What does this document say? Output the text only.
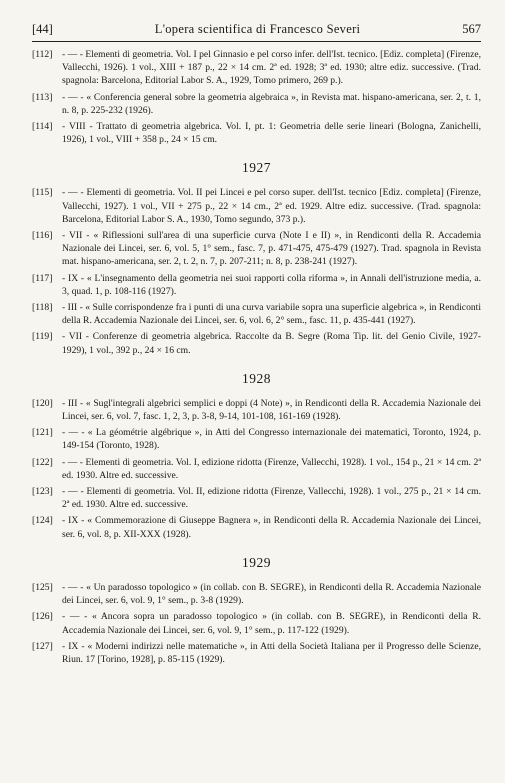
[44]	L'opera scientifica di Francesco Severi	567
[112] - — - Elementi di geometria. Vol. I pel Ginnasio e pel corso infer. dell'Ist. tecnico. [Ediz. completa] (Firenze, Vallecchi, 1926). 1 vol., XIII + 187 p., 22 × 14 cm. 2ª ed. 1928; 3ª ed. 1930; altre ediz. successive. (Trad. spagnola: Barcelona, Editorial Labor S. A., 1929, Tomo primero, 269 p.).
[113] - — - « Conferencia general sobre la geometria algebraica », in Revista mat. hispano-americana, ser. 2, t. 1, n. 8, p. 225-232 (1926).
[114] - VIII - Trattato di geometria algebrica. Vol. I, pt. 1: Geometria delle serie lineari (Bologna, Zanichelli, 1926), 1 vol., VIII + 358 p., 24 × 15 cm.
1927
[115] - — - Elementi di geometria. Vol. II pei Lincei e pel corso super. dell'Ist. tecnico [Ediz. completa] (Firenze, Vallecchi, 1927). 1 vol., VII + 275 p., 22 × 14 cm., 2ª ed. 1929. Altre ediz. successive. (Trad. spagnola: Barcelona, Editorial Labor S. A., 1930, Tomo segundo, 373 p.).
[116] - VII - « Riflessioni sull'area di una superficie curva (Note I e II) », in Rendiconti della R. Accademia Nazionale dei Lincei, ser. 6, vol. 5, 1° sem., fasc. 7, p. 471-475, 475-479 (1927). Trad. spagnola in Revista mat. hispano-americana, ser. 2, t. 2, n. 7, p. 207-211; n. 8, p. 238-241 (1927).
[117] - IX - « L'insegnamento della geometria nei suoi rapporti colla riforma », in Annali dell'istruzione media, a. 3, quad. 1, p. 108-116 (1927).
[118] - III - « Sulle corrispondenze fra i punti di una curva variabile sopra una superficie algebrica », in Rendiconti della R. Accademia Nazionale dei Lincei, ser. 6, vol. 6, 2° sem., fasc. 11, p. 435-441 (1927).
[119] - VII - Conferenze di geometria algebrica. Raccolte da B. Segre (Roma Tip. lit. del Genio Civile, 1927-1929), 1 vol., 392 p., 24 × 16 cm.
1928
[120] - III - « Sugl'integrali algebrici semplici e doppi (4 Note) », in Rendiconti della R. Accademia Nazionale dei Lincei, ser. 6, vol. 7, fasc. 1, 2, 3, p. 3-8, 9-14, 101-108, 161-169 (1928).
[121] - — - « La géométrie algébrique », in Atti del Congresso internazionale dei matematici, Toronto, 1924, p. 149-154 (Toronto, 1928).
[122] - — - Elementi di geometria. Vol. I, edizione ridotta (Firenze, Vallecchi, 1928). 1 vol., 154 p., 21 × 14 cm. 2ª ed. 1930. Altre ed. successive.
[123] - — - Elementi di geometria. Vol. II, edizione ridotta (Firenze, Vallecchi, 1928). 1 vol., 275 p., 21 × 14 cm. 2ª ed. 1930. Altre ed. successive.
[124] - IX - « Commemorazione di Giuseppe Bagnera », in Rendiconti della R. Accademia Nazionale dei Lincei, ser. 6, vol. 8, p. XII-XXX (1928).
1929
[125] - — - « Un paradosso topologico » (in collab. con B. SEGRE), in Rendiconti della R. Accademia Nazionale dei Lincei, ser. 6, vol. 9, 1° sem., p. 3-8 (1929).
[126] - — - « Ancora sopra un paradosso topologico » (in collab. con B. SEGRE), in Rendiconti della R. Accademia Nazionale dei Lincei, ser. 6, vol. 9, 1° sem., p. 117-122 (1929).
[127] - IX - « Moderni indirizzi nelle matematiche », in Atti della Società Italiana per il Progresso delle Scienze, Riun. 17 [Torino, 1928], p. 85-115 (1929).
